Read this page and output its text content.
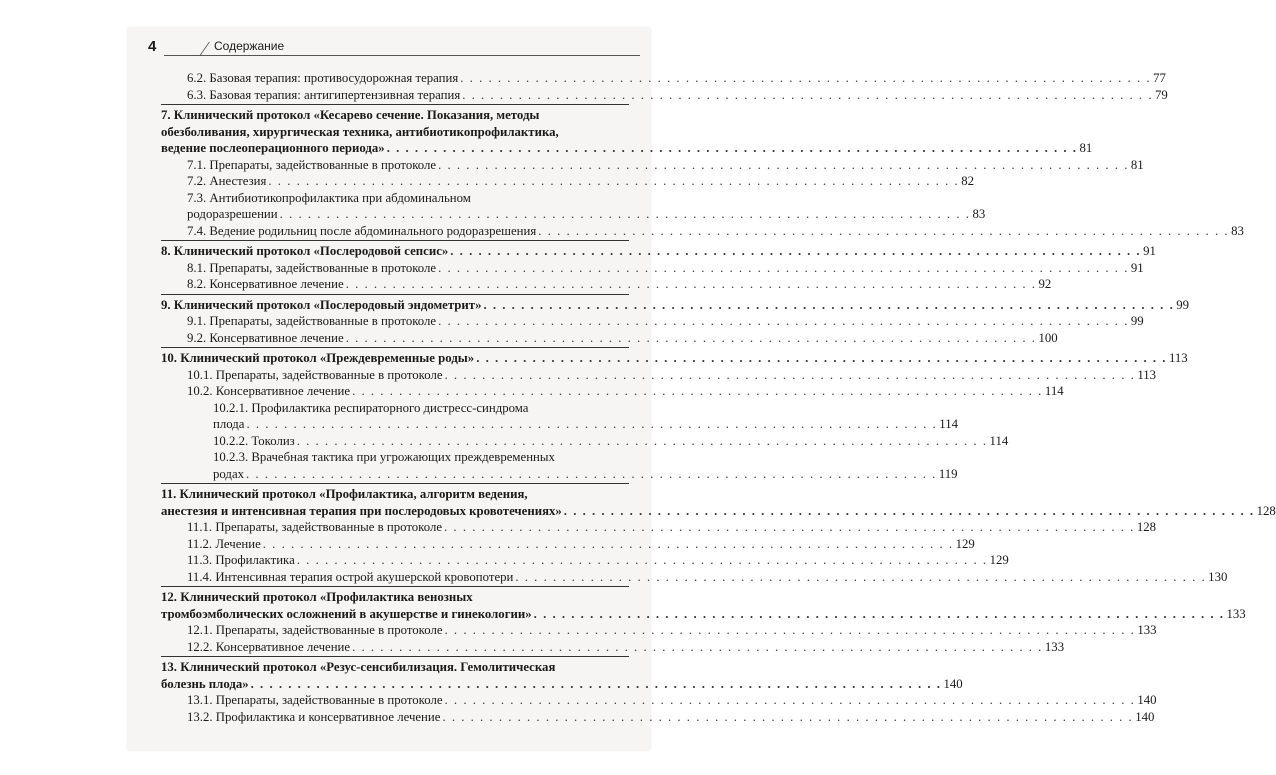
4	Содержание
6.2. Базовая терапия: противосудорожная терапия . . . . . . . . . . . . . . . . . . . . . . . . . . . . . . . . . . . . . . . . . . . . . . . . . . . . . . . . . . . . . . . . . . . . . . . . . . 77
6.3. Базовая терапия: антигипертензивная терапия . . . . . . . . . . . . . . . . . . . . . . . . . . . . . . . . . . . . . . . . . . . . . . . . . . . . . . . . . . . . . . . . . . . . . . . . . . 79
7. Клинический протокол «Кесарево сечение. Показания, методы
обезболивания, хирургическая техника, антибиотикопрофилактика,
ведение послеоперационного периода» . . . . . . . . . . . . . . . . . . . . . . . . . . . . . . . . . . . . . . . . . . . . . . . . . . . . . . . . . . . . . . . . . . . . . . . . . . 81
7.1. Препараты, задействованные в протоколе . . . . . . . . . . . . . . . . . . . . . . . . . . . . . . . . . . . . . . . . . . . . . . . . . . . . . . . . . . . . . . . . . . . . . . . . . . 81
7.2. Анестезия . . . . . . . . . . . . . . . . . . . . . . . . . . . . . . . . . . . . . . . . . . . . . . . . . . . . . . . . . . . . . . . . . . . . . . . . . . 82
7.3. Антибиотикопрофилактика при абдоминальном
родоразрешении . . . . . . . . . . . . . . . . . . . . . . . . . . . . . . . . . . . . . . . . . . . . . . . . . . . . . . . . . . . . . . . . . . . . . . . . . . 83
7.4. Ведение родильниц после абдоминального родоразрешения . . . . . . . . . . . . . . . . . . . . . . . . . . . . . . . . . . . . . . . . . . . . . . . . . . . . . . . . . . . . . . . . . . . . . . . . . . 83
8. Клинический протокол «Послеродовой сепсис» . . . . . . . . . . . . . . . . . . . . . . . . . . . . . . . . . . . . . . . . . . . . . . . . . . . . . . . . . . . . . . . . . . . . . . . . . . 91
8.1. Препараты, задействованные в протоколе . . . . . . . . . . . . . . . . . . . . . . . . . . . . . . . . . . . . . . . . . . . . . . . . . . . . . . . . . . . . . . . . . . . . . . . . . . 91
8.2. Консервативное лечение . . . . . . . . . . . . . . . . . . . . . . . . . . . . . . . . . . . . . . . . . . . . . . . . . . . . . . . . . . . . . . . . . . . . . . . . . . 92
9. Клинический протокол «Послеродовый эндометрит» . . . . . . . . . . . . . . . . . . . . . . . . . . . . . . . . . . . . . . . . . . . . . . . . . . . . . . . . . . . . . . . . . . . . . . . . . . 99
9.1. Препараты, задействованные в протоколе . . . . . . . . . . . . . . . . . . . . . . . . . . . . . . . . . . . . . . . . . . . . . . . . . . . . . . . . . . . . . . . . . . . . . . . . . . 99
9.2. Консервативное лечение . . . . . . . . . . . . . . . . . . . . . . . . . . . . . . . . . . . . . . . . . . . . . . . . . . . . . . . . . . . . . . . . . . . . . . . . . . 100
10. Клинический протокол «Преждевременные роды» . . . . . . . . . . . . . . . . . . . . . . . . . . . . . . . . . . . . . . . . . . . . . . . . . . . . . . . . . . . . . . . . . . . . . . . . . . 113
10.1. Препараты, задействованные в протоколе . . . . . . . . . . . . . . . . . . . . . . . . . . . . . . . . . . . . . . . . . . . . . . . . . . . . . . . . . . . . . . . . . . . . . . . . . . 113
10.2. Консервативное лечение . . . . . . . . . . . . . . . . . . . . . . . . . . . . . . . . . . . . . . . . . . . . . . . . . . . . . . . . . . . . . . . . . . . . . . . . . . 114
10.2.1. Профилактика респираторного дистресс-синдрома
плода . . . . . . . . . . . . . . . . . . . . . . . . . . . . . . . . . . . . . . . . . . . . . . . . . . . . . . . . . . . . . . . . . . . . . . . . . . 114
10.2.2. Токолиз . . . . . . . . . . . . . . . . . . . . . . . . . . . . . . . . . . . . . . . . . . . . . . . . . . . . . . . . . . . . . . . . . . . . . . . . . . 114
10.2.3. Врачебная тактика при угрожающих преждевременных
родах . . . . . . . . . . . . . . . . . . . . . . . . . . . . . . . . . . . . . . . . . . . . . . . . . . . . . . . . . . . . . . . . . . . . . . . . . . 119
11. Клинический протокол «Профилактика, алгоритм ведения,
анестезия и интенсивная терапия при послеродовых кровотечениях» . . . . . . . . . . . . . . . . . . . . . . . . . . . . . . . . . . . . . . . . . . . . . . . . . . . . . . . . . . . . . . . . . . . . . . . . . . 128
11.1. Препараты, задействованные в протоколе . . . . . . . . . . . . . . . . . . . . . . . . . . . . . . . . . . . . . . . . . . . . . . . . . . . . . . . . . . . . . . . . . . . . . . . . . . 128
11.2. Лечение . . . . . . . . . . . . . . . . . . . . . . . . . . . . . . . . . . . . . . . . . . . . . . . . . . . . . . . . . . . . . . . . . . . . . . . . . . 129
11.3. Профилактика . . . . . . . . . . . . . . . . . . . . . . . . . . . . . . . . . . . . . . . . . . . . . . . . . . . . . . . . . . . . . . . . . . . . . . . . . . 129
11.4. Интенсивная терапия острой акушерской кровопотери . . . . . . . . . . . . . . . . . . . . . . . . . . . . . . . . . . . . . . . . . . . . . . . . . . . . . . . . . . . . . . . . . . . . . . . . . . 130
12. Клинический протокол «Профилактика венозных
тромбоэмболических осложнений в акушерстве и гинекологии» . . . . . . . . . . . . . . . . . . . . . . . . . . . . . . . . . . . . . . . . . . . . . . . . . . . . . . . . . . . . . . . . . . . . . . . . . . 133
12.1. Препараты, задействованные в протоколе . . . . . . . . . . . . . . . . . . . . . . . . . . . . . . . . . . . . . . . . . . . . . . . . . . . . . . . . . . . . . . . . . . . . . . . . . . 133
12.2. Консервативное лечение . . . . . . . . . . . . . . . . . . . . . . . . . . . . . . . . . . . . . . . . . . . . . . . . . . . . . . . . . . . . . . . . . . . . . . . . . . 133
13. Клинический протокол «Резус-сенсибилизация. Гемолитическая
болезнь плода» . . . . . . . . . . . . . . . . . . . . . . . . . . . . . . . . . . . . . . . . . . . . . . . . . . . . . . . . . . . . . . . . . . . . . . . . . . 140
13.1. Препараты, задействованные в протоколе . . . . . . . . . . . . . . . . . . . . . . . . . . . . . . . . . . . . . . . . . . . . . . . . . . . . . . . . . . . . . . . . . . . . . . . . . . 140
13.2. Профилактика и консервативное лечение . . . . . . . . . . . . . . . . . . . . . . . . . . . . . . . . . . . . . . . . . . . . . . . . . . . . . . . . . . . . . . . . . . . . . . . . . . 140
